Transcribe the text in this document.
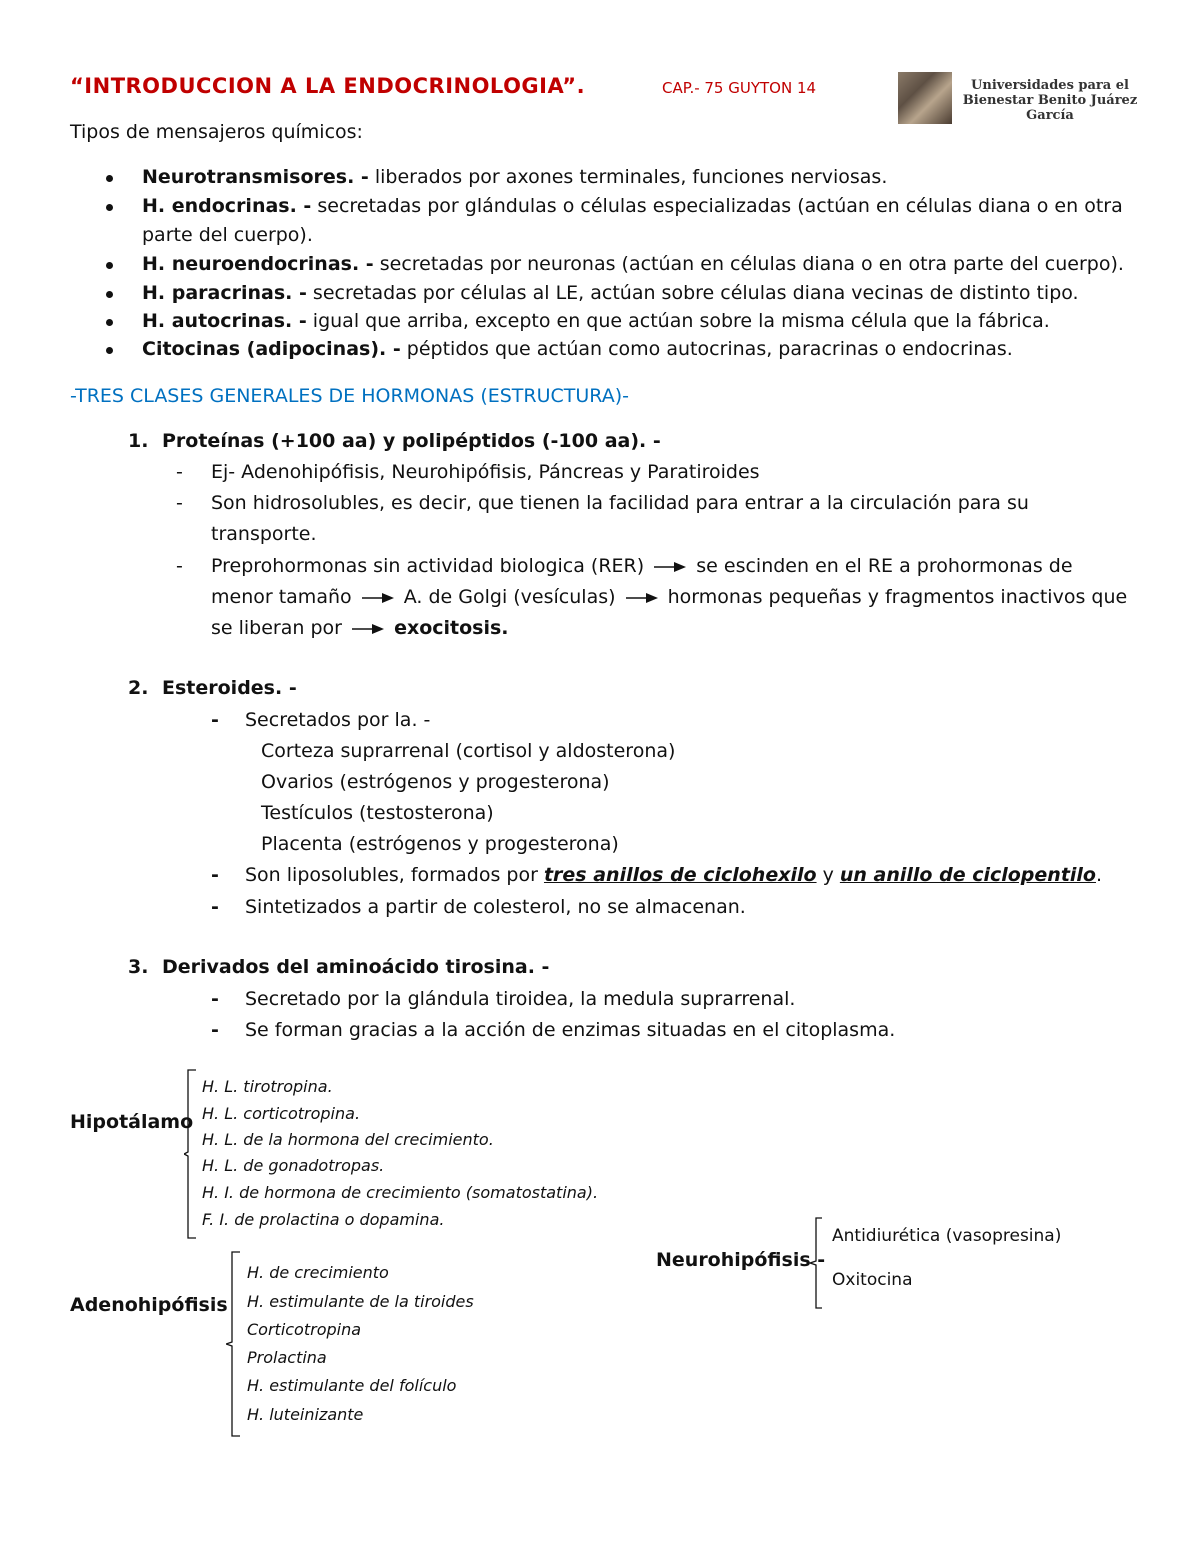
“INTRODUCCION A LA ENDOCRINOLOGIA”.	CAP.- 75 GUYTON 14	Universidades para el Bienestar Benito Juárez García
Tipos de mensajeros químicos:
Neurotransmisores. - liberados por axones terminales, funciones nerviosas.
H. endocrinas. - secretadas por glándulas o células especializadas (actúan en células diana o en otra
parte del cuerpo).
H. neuroendocrinas. - secretadas por neuronas (actúan en células diana o en otra parte del cuerpo).
H. paracrinas. - secretadas por células al LE, actúan sobre células diana vecinas de distinto tipo.
H. autocrinas. - igual que arriba, excepto en que actúan sobre la misma célula que la fábrica.
Citocinas (adipocinas). - péptidos que actúan como autocrinas, paracrinas o endocrinas.
-TRES CLASES GENERALES DE HORMONAS (ESTRUCTURA)-
1. Proteínas (+100 aa) y polipéptidos (-100 aa). -
- Ej- Adenohipófisis, Neurohipófisis, Páncreas y Paratiroides
- Son hidrosolubles, es decir, que tienen la facilidad para entrar a la circulación para su
transporte.
- Preprohormonas sin actividad biologica (RER)	se escinden en el RE a prohormonas de
menor tamaño	A. de Golgi (vesículas)	hormonas pequeñas y fragmentos inactivos que
se liberan por	exocitosis.
2. Esteroides. -
- Secretados por la. -
Corteza suprarrenal (cortisol y aldosterona)
Ovarios (estrógenos y progesterona)
Testículos (testosterona)
Placenta (estrógenos y progesterona)
- Son liposolubles, formados por tres anillos de ciclohexilo y un anillo de ciclopentilo.
- Sintetizados a partir de colesterol, no se almacenan.
3. Derivados del aminoácido tirosina. -
- Secretado por la glándula tiroidea, la medula suprarrenal.
- Se forman gracias a la acción de enzimas situadas en el citoplasma.
Hipotálamo
H. L. tirotropina.
H. L. corticotropina.
H. L. de la hormona del crecimiento.
H. L. de gonadotropas.
H. I. de hormona de crecimiento (somatostatina).
F. I. de prolactina o dopamina.
Adenohipófisis
H. de crecimiento
H. estimulante de la tiroides
Corticotropina
Prolactina
H. estimulante del folículo
H. luteinizante
Neurohipófisis -
Antidiurética (vasopresina)
Oxitocina
